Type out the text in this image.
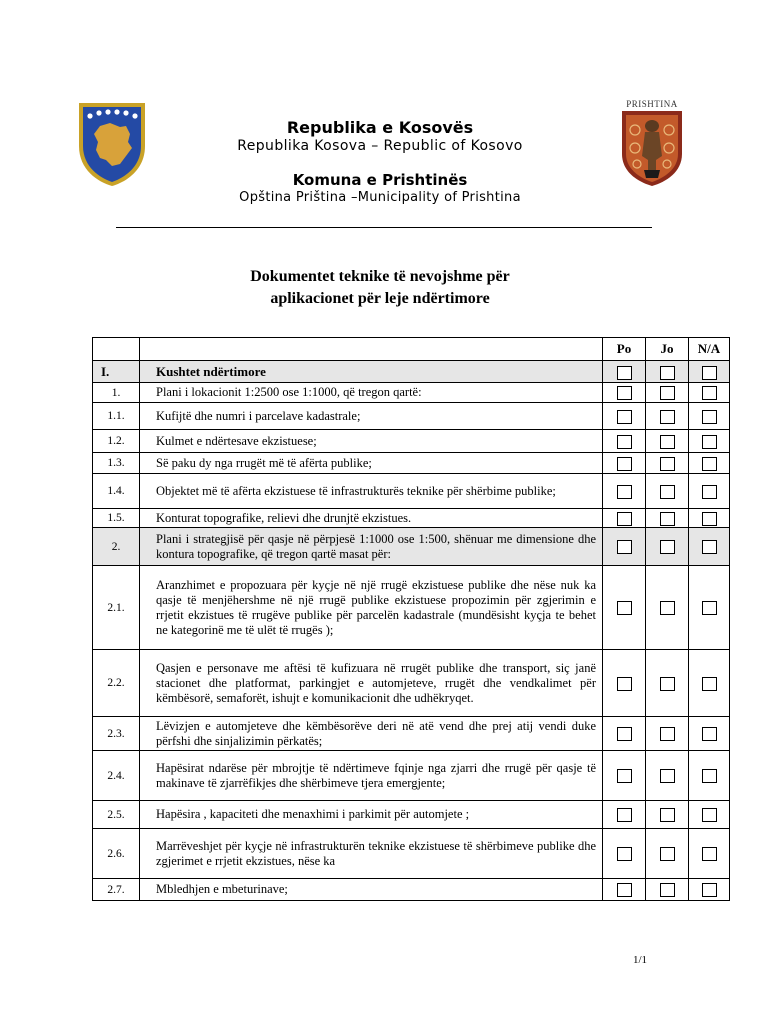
PRISHTINA
Republika e Kosovës
Republika Kosova – Republic of Kosovo
Komuna e Prishtinës
Opština Priština –Municipality of Prishtina
Dokumentet teknike të nevojshme për
aplikacionet për leje ndërtimore
		Po	Jo	N/A
I.	Kushtet ndërtimore			
1.	Plani i lokacionit 1:2500 ose 1:1000, që tregon qartë:			
1.1.	Kufijtë dhe numri i parcelave kadastrale;			
1.2.	Kulmet e ndërtesave ekzistuese;			
1.3.	Së paku dy nga rrugët më të afërta publike;			
1.4.	Objektet më të afërta ekzistuese të infrastrukturës teknike për shërbime publike;			
1.5.	Konturat topografike, relievi dhe drunjtë ekzistues.			
2.	Plani i strategjisë për qasje në përpjesë 1:1000 ose 1:500, shënuar me dimensione dhe kontura topografike, që tregon qartë masat për:			
2.1.	Aranzhimet e propozuara për kyçje në një rrugë ekzistuese publike dhe nëse nuk ka qasje të menjëhershme në një rrugë publike ekzistuese propozimin për zgjerimin e rrjetit ekzistues të rrugëve publike për parcelën kadastrale (mundësisht kyçja te behet ne kategorinë me të ulët të rrugës );			
2.2.	Qasjen e personave me aftësi të kufizuara në rrugët publike dhe transport, siç janë stacionet dhe platformat, parkingjet e automjeteve, rrugët dhe vendkalimet për këmbësorë, semaforët, ishujt e komunikacionit dhe udhëkryqet.			
2.3.	Lëvizjen e automjeteve dhe këmbësorëve deri në atë vend dhe prej atij vendi duke përfshi dhe sinjalizimin përkatës;			
2.4.	Hapësirat ndarëse për mbrojtje të ndërtimeve fqinje nga zjarri dhe rrugë për qasje të makinave të zjarrëfikjes dhe shërbimeve tjera emergjente;			
2.5.	Hapësira , kapaciteti dhe menaxhimi i parkimit për automjete ;			
2.6.	Marrëveshjet për kyçje në infrastrukturën teknike ekzistuese të shërbimeve publike dhe zgjerimet e rrjetit ekzistues, nëse ka			
2.7.	Mbledhjen e mbeturinave;			
1/1
